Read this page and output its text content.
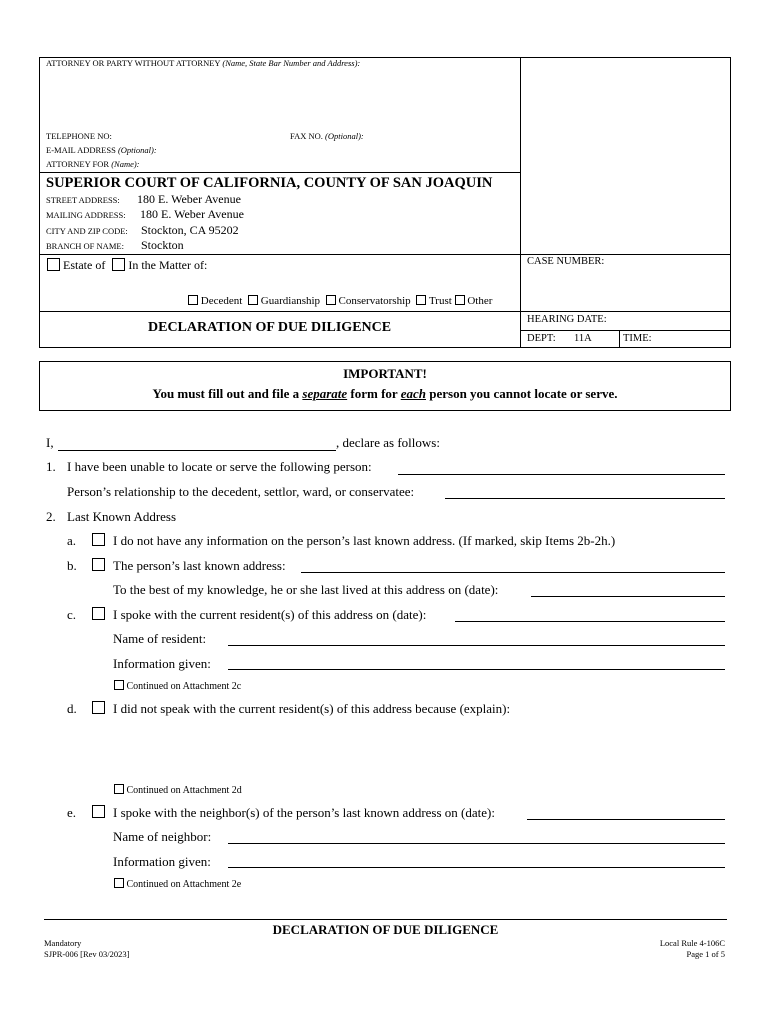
ATTORNEY OR PARTY WITHOUT ATTORNEY (Name, State Bar Number and Address):
TELEPHONE NO:	FAX NO. (Optional):
E-MAIL ADDRESS (Optional):
ATTORNEY FOR (Name):
SUPERIOR COURT OF CALIFORNIA, COUNTY OF SAN JOAQUIN
STREET ADDRESS: 180 E. Weber Avenue
MAILING ADDRESS: 180 E. Weber Avenue
CITY AND ZIP CODE: Stockton, CA 95202
BRANCH OF NAME: Stockton
Estate of In the Matter of:
Decedent Guardianship Conservatorship Trust Other
CASE NUMBER:
DECLARATION OF DUE DILIGENCE
HEARING DATE:
DEPT: 11A	TIME:
IMPORTANT!
You must fill out and file a separate form for each person you cannot locate or serve.
I,	, declare as follows:
1. I have been unable to locate or serve the following person:
Person’s relationship to the decedent, settlor, ward, or conservatee:
2. Last Known Address
a.	I do not have any information on the person’s last known address. (If marked, skip Items 2b-2h.)
b.	The person’s last known address:
To the best of my knowledge, he or she last lived at this address on (date):
c.	I spoke with the current resident(s) of this address on (date):
Name of resident:
Information given:
Continued on Attachment 2c
d.	I did not speak with the current resident(s) of this address because (explain):
Continued on Attachment 2d
e.	I spoke with the neighbor(s) of the person’s last known address on (date):
Name of neighbor:
Information given:
Continued on Attachment 2e
DECLARATION OF DUE DILIGENCE
Mandatory
SJPR-006 [Rev 03/2023]
Local Rule 4-106C
Page 1 of 5
